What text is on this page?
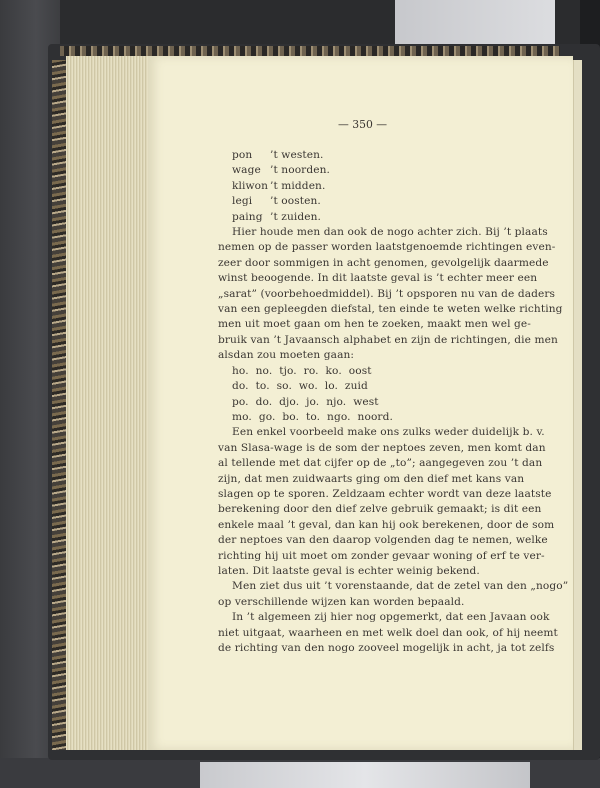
— 350 —
pon ’t westen.
wage ’t noorden.
kliwon ’t midden.
legi ’t oosten.
paing ’t zuiden.
Hier houde men dan ook de nogo achter zich. Bij ’t plaats
nemen op de passer worden laatstgenoemde richtingen even-
zeer door sommigen in acht genomen, gevolgelijk daarmede
winst beoogende. In dit laatste geval is ’t echter meer een
„sarat” (voorbehoedmiddel). Bij ’t opsporen nu van de daders
van een gepleegden diefstal, ten einde te weten welke richting
men uit moet gaan om hen te zoeken, maakt men wel ge-
bruik van ’t Javaansch alphabet en zijn de richtingen, die men
alsdan zou moeten gaan:
ho.  no.  tjo.  ro.  ko.  oost
do.  to.  so.  wo.  lo.  zuid
po.  do.  djo.  jo.  njo.  west
mo.  go.  bo.  to.  ngo.  noord.
Een enkel voorbeeld make ons zulks weder duidelijk b. v.
van Slasa-wage is de som der neptoes zeven, men komt dan
al tellende met dat cijfer op de „to”; aangegeven zou ’t dan
zijn, dat men zuidwaarts ging om den dief met kans van
slagen op te sporen. Zeldzaam echter wordt van deze laatste
berekening door den dief zelve gebruik gemaakt; is dit een
enkele maal ’t geval, dan kan hij ook berekenen, door de som
der neptoes van den daarop volgenden dag te nemen, welke
richting hij uit moet om zonder gevaar woning of erf te ver-
laten. Dit laatste geval is echter weinig bekend.
Men ziet dus uit ’t vorenstaande, dat de zetel van den „nogo”
op verschillende wijzen kan worden bepaald.
In ’t algemeen zij hier nog opgemerkt, dat een Javaan ook
niet uitgaat, waarheen en met welk doel dan ook, of hij neemt
de richting van den nogo zooveel mogelijk in acht, ja tot zelfs
